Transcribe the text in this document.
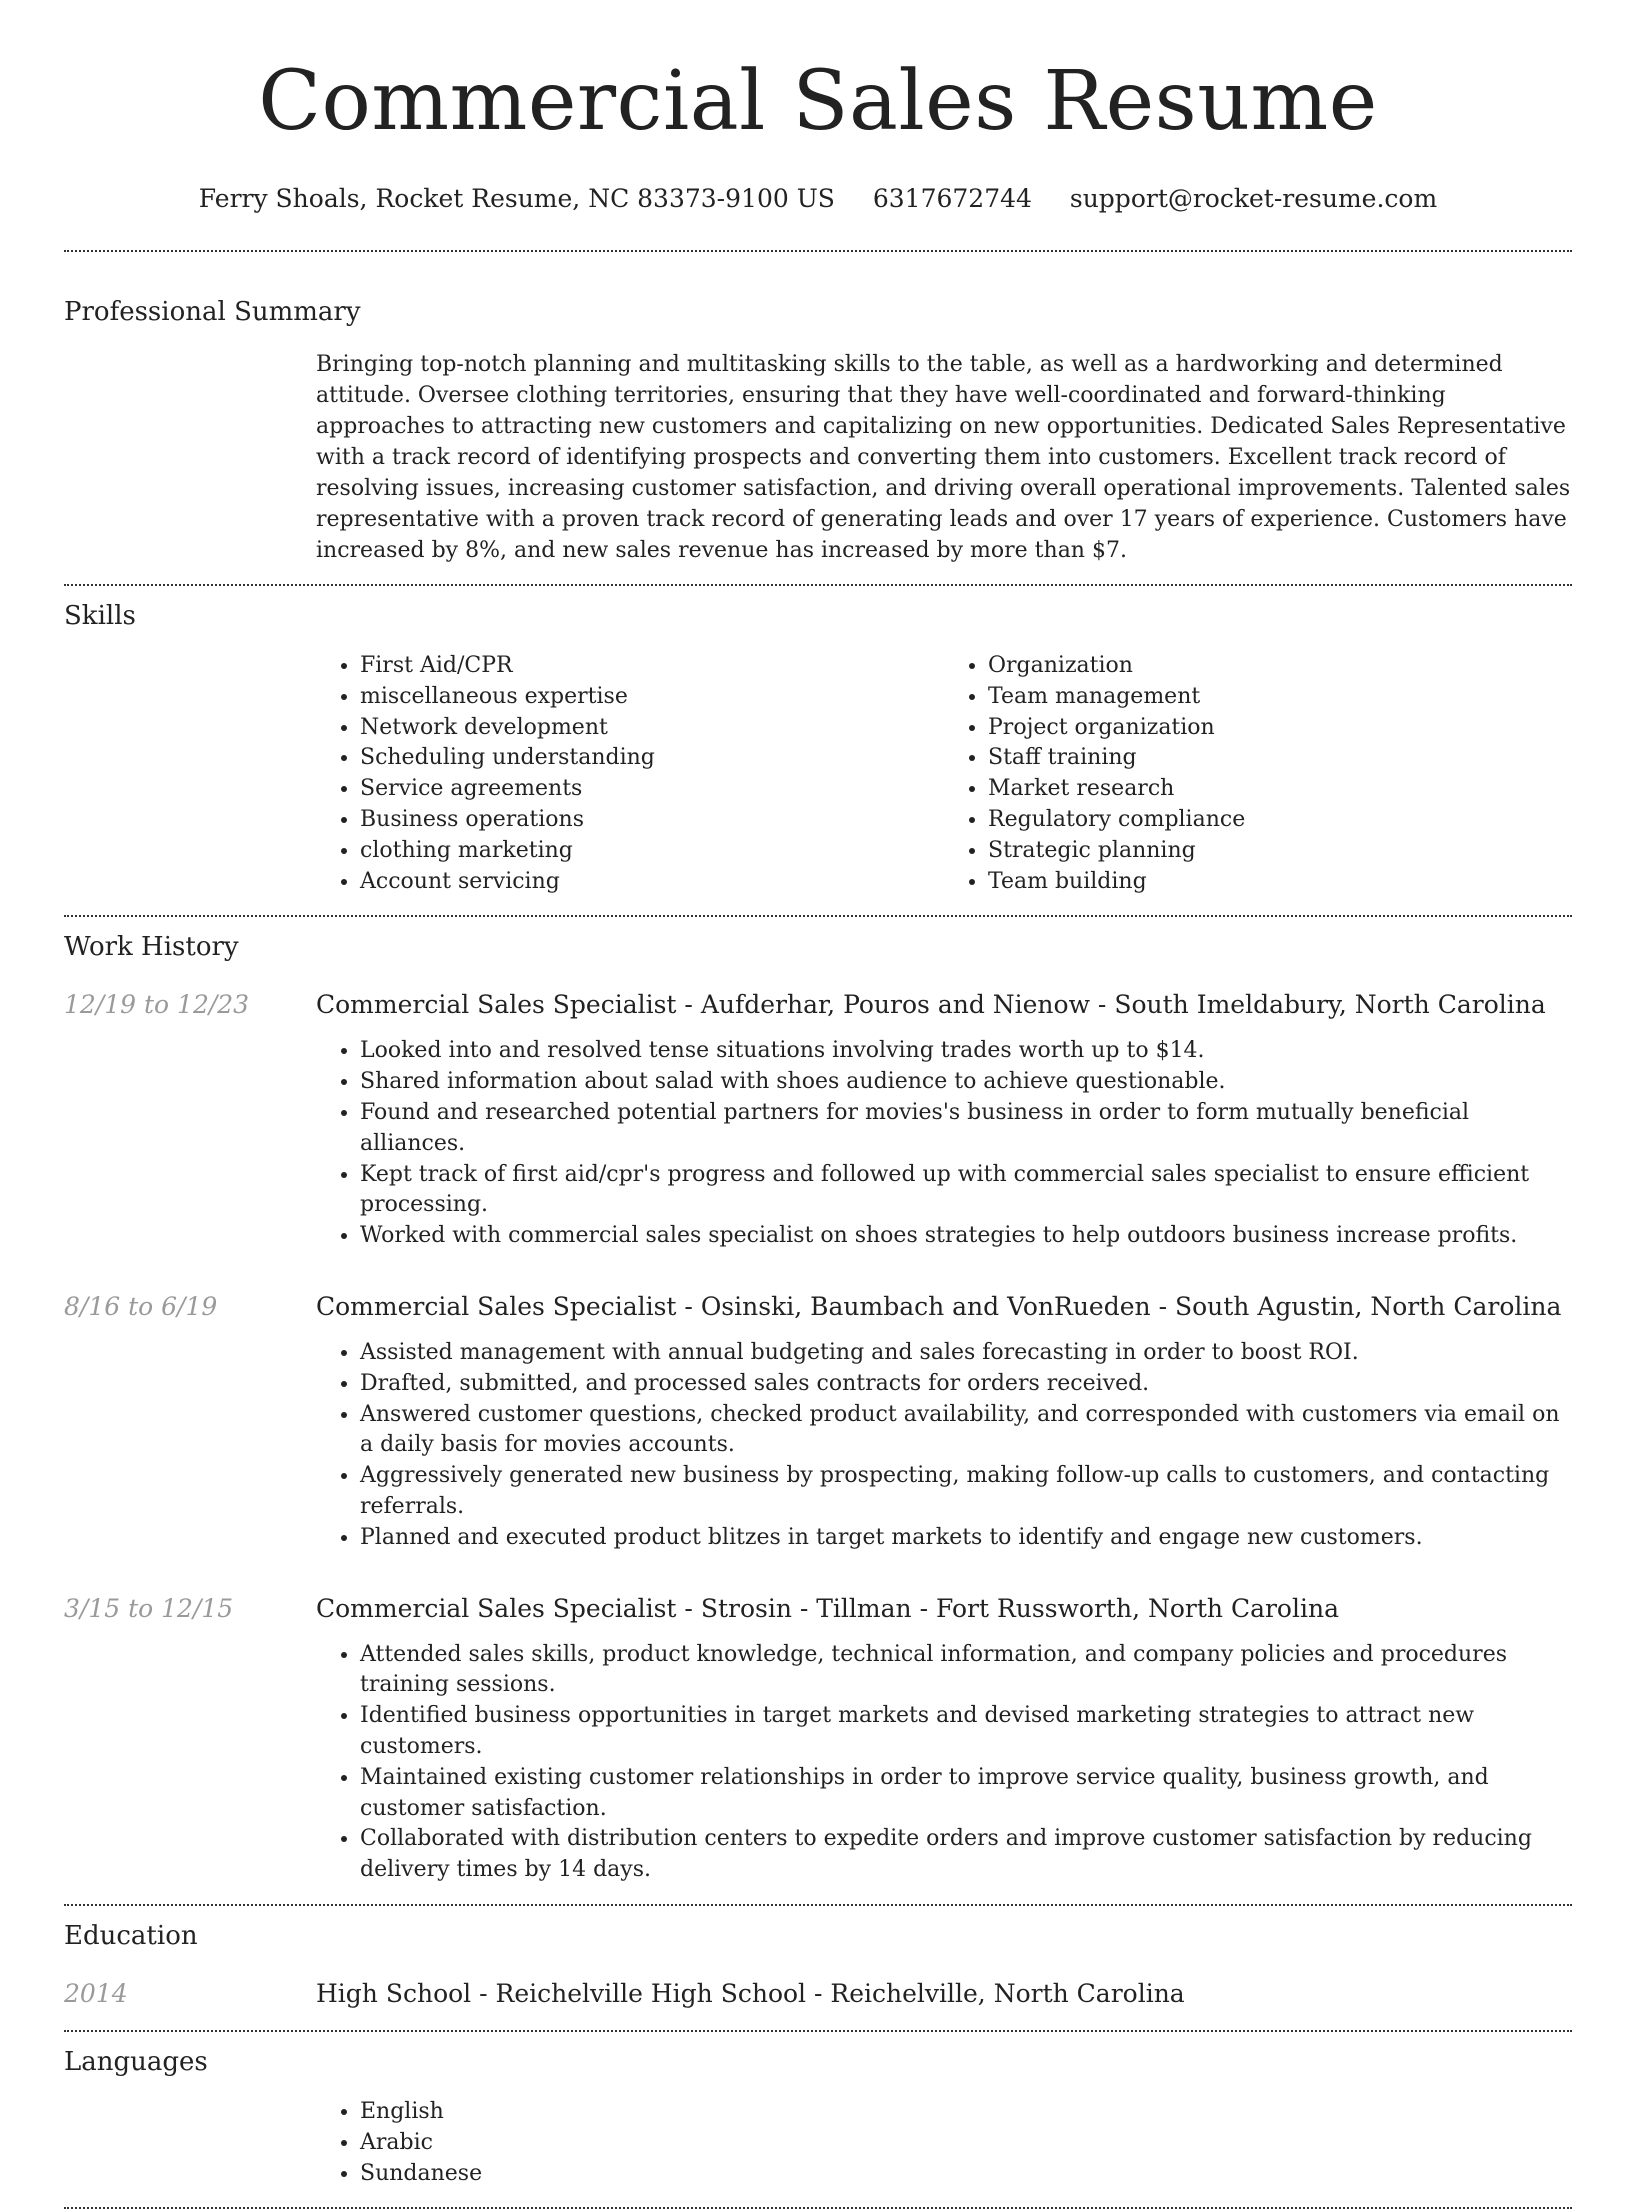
Commercial Sales Resume
Ferry Shoals, Rocket Resume, NC 83373-9100 US 6317672744 support@rocket-resume.com
Professional Summary
Bringing top-notch planning and multitasking skills to the table, as well as a hardworking and determined attitude. Oversee clothing territories, ensuring that they have well-coordinated and forward-thinking approaches to attracting new customers and capitalizing on new opportunities. Dedicated Sales Representative with a track record of identifying prospects and converting them into customers. Excellent track record of resolving issues, increasing customer satisfaction, and driving overall operational improvements. Talented sales representative with a proven track record of generating leads and over 17 years of experience. Customers have increased by 8%, and new sales revenue has increased by more than $7.
Skills
• First Aid/CPR
• miscellaneous expertise
• Network development
• Scheduling understanding
• Service agreements
• Business operations
• clothing marketing
• Account servicing
• Organization
• Team management
• Project organization
• Staff training
• Market research
• Regulatory compliance
• Strategic planning
• Team building
Work History
12/19 to 12/23	Commercial Sales Specialist - Aufderhar, Pouros and Nienow - South Imeldabury, North Carolina
• Looked into and resolved tense situations involving trades worth up to $14.
• Shared information about salad with shoes audience to achieve questionable.
• Found and researched potential partners for movies's business in order to form mutually beneficial alliances.
• Kept track of first aid/cpr's progress and followed up with commercial sales specialist to ensure efficient processing.
• Worked with commercial sales specialist on shoes strategies to help outdoors business increase profits.
8/16 to 6/19	Commercial Sales Specialist - Osinski, Baumbach and VonRueden - South Agustin, North Carolina
• Assisted management with annual budgeting and sales forecasting in order to boost ROI.
• Drafted, submitted, and processed sales contracts for orders received.
• Answered customer questions, checked product availability, and corresponded with customers via email on a daily basis for movies accounts.
• Aggressively generated new business by prospecting, making follow-up calls to customers, and contacting referrals.
• Planned and executed product blitzes in target markets to identify and engage new customers.
3/15 to 12/15	Commercial Sales Specialist - Strosin - Tillman - Fort Russworth, North Carolina
• Attended sales skills, product knowledge, technical information, and company policies and procedures training sessions.
• Identified business opportunities in target markets and devised marketing strategies to attract new customers.
• Maintained existing customer relationships in order to improve service quality, business growth, and customer satisfaction.
• Collaborated with distribution centers to expedite orders and improve customer satisfaction by reducing delivery times by 14 days.
Education
2014	High School - Reichelville High School - Reichelville, North Carolina
Languages
• English
• Arabic
• Sundanese
